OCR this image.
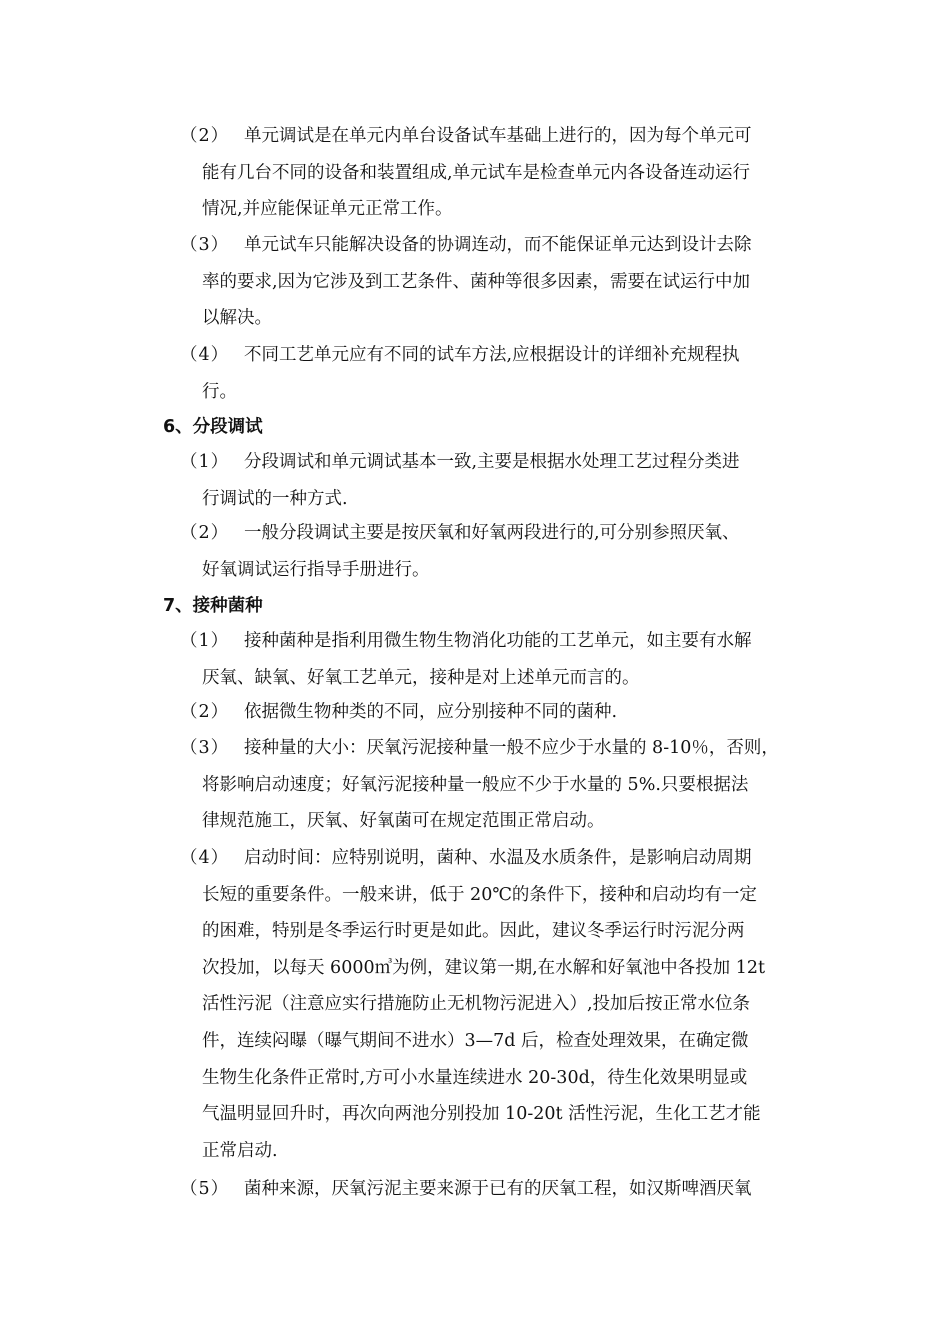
（2） 单元调试是在单元内单台设备试车基础上进行的，因为每个单元可
能有几台不同的设备和装置组成,单元试车是检查单元内各设备连动运行
情况,并应能保证单元正常工作。
（3） 单元试车只能解决设备的协调连动，而不能保证单元达到设计去除
率的要求,因为它涉及到工艺条件、菌种等很多因素，需要在试运行中加
以解决。
（4） 不同工艺单元应有不同的试车方法,应根据设计的详细补充规程执
行。
6、分段调试
（1） 分段调试和单元调试基本一致,主要是根据水处理工艺过程分类进
行调试的一种方式.
（2） 一般分段调试主要是按厌氧和好氧两段进行的,可分别参照厌氧、
好氧调试运行指导手册进行。
7、接种菌种
（1） 接种菌种是指利用微生物生物消化功能的工艺单元，如主要有水解
厌氧、缺氧、好氧工艺单元，接种是对上述单元而言的。
（2） 依据微生物种类的不同，应分别接种不同的菌种.
（3） 接种量的大小：厌氧污泥接种量一般不应少于水量的 8-10％，否则，
将影响启动速度；好氧污泥接种量一般应不少于水量的 5%.只要根据法
律规范施工，厌氧、好氧菌可在规定范围正常启动。
（4） 启动时间：应特别说明，菌种、水温及水质条件，是影响启动周期
长短的重要条件。一般来讲，低于 20℃的条件下，接种和启动均有一定
的困难，特别是冬季运行时更是如此。因此，建议冬季运行时污泥分两
次投加，以每天 6000㎥为例，建议第一期,在水解和好氧池中各投加 12t
活性污泥（注意应实行措施防止无机物污泥进入）,投加后按正常水位条
件，连续闷曝（曝气期间不进水）3—7d 后，检查处理效果，在确定微
生物生化条件正常时,方可小水量连续进水 20-30d，待生化效果明显或
气温明显回升时，再次向两池分别投加 10-20t 活性污泥，生化工艺才能
正常启动.
（5） 菌种来源，厌氧污泥主要来源于已有的厌氧工程，如汉斯啤酒厌氧
